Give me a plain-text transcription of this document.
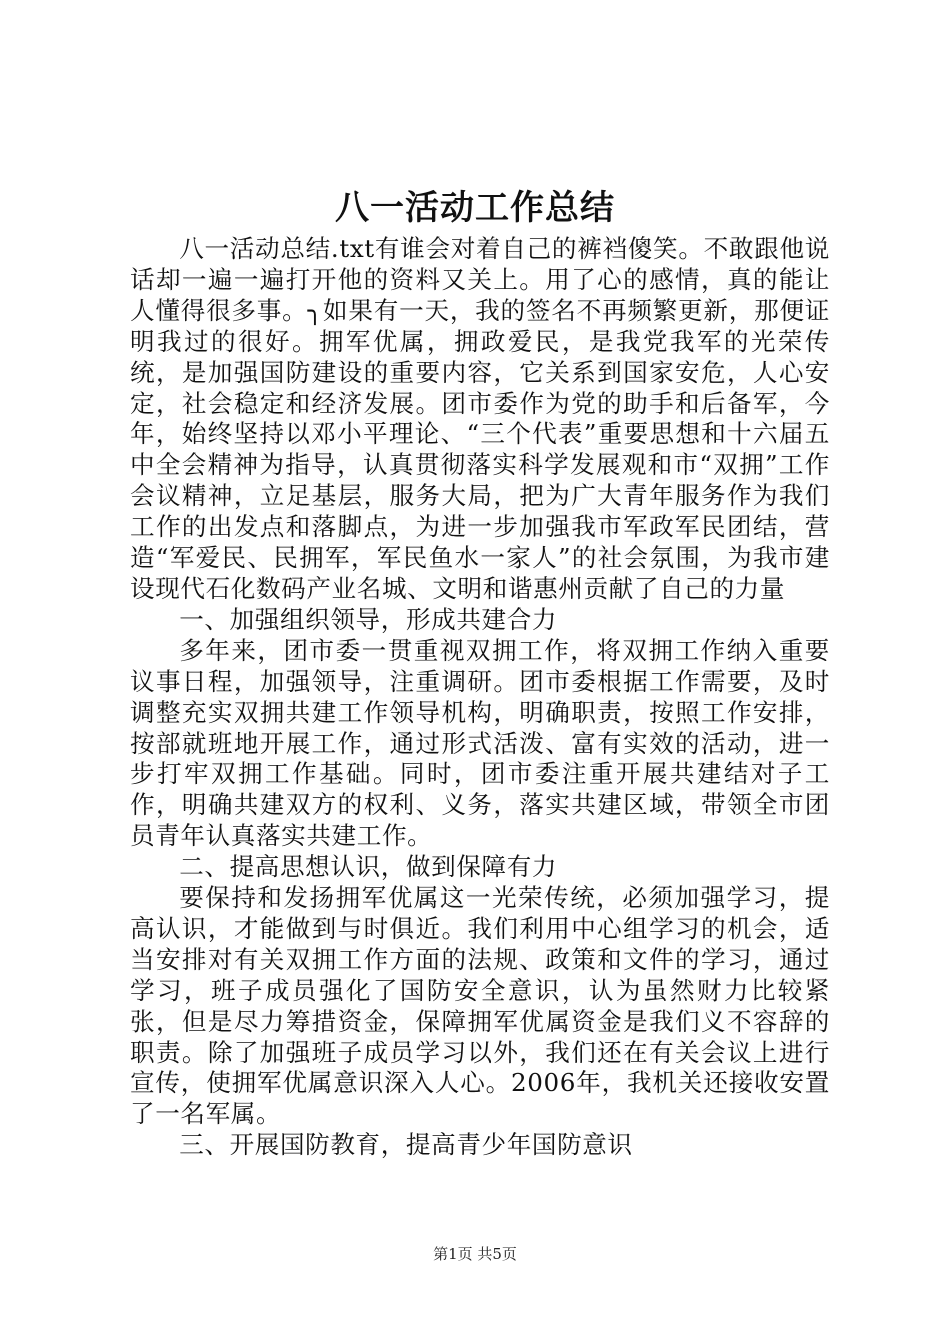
八一活动工作总结

八一活动总结.txt有谁会对着自己的裤裆傻笑。不敢跟他说话却一遍一遍打开他的资料又关上。用了心的感情，真的能让人懂得很多事。╮如果有一天，我的签名不再频繁更新，那便证明我过的很好。拥军优属，拥政爱民，是我党我军的光荣传统，是加强国防建设的重要内容，它关系到国家安危，人心安定，社会稳定和经济发展。团市委作为党的助手和后备军，今年，始终坚持以邓小平理论、“三个代表”重要思想和十六届五中全会精神为指导，认真贯彻落实科学发展观和市“双拥”工作会议精神，立足基层，服务大局，把为广大青年服务作为我们工作的出发点和落脚点，为进一步加强我市军政军民团结，营造“军爱民、民拥军，军民鱼水一家人”的社会氛围，为我市建设现代石化数码产业名城、文明和谐惠州贡献了自己的力量

一、加强组织领导，形成共建合力

多年来，团市委一贯重视双拥工作，将双拥工作纳入重要议事日程，加强领导，注重调研。团市委根据工作需要，及时调整充实双拥共建工作领导机构，明确职责，按照工作安排，按部就班地开展工作，通过形式活泼、富有实效的活动，进一步打牢双拥工作基础。同时，团市委注重开展共建结对子工作，明确共建双方的权利、义务，落实共建区域，带领全市团员青年认真落实共建工作。

二、提高思想认识，做到保障有力

要保持和发扬拥军优属这一光荣传统，必须加强学习，提高认识，才能做到与时俱近。我们利用中心组学习的机会，适当安排对有关双拥工作方面的法规、政策和文件的学习，通过学习，班子成员强化了国防安全意识，认为虽然财力比较紧张，但是尽力筹措资金，保障拥军优属资金是我们义不容辞的职责。除了加强班子成员学习以外，我们还在有关会议上进行宣传，使拥军优属意识深入人心。2006年，我机关还接收安置了一名军属。

三、开展国防教育，提高青少年国防意识

第1页 共5页
